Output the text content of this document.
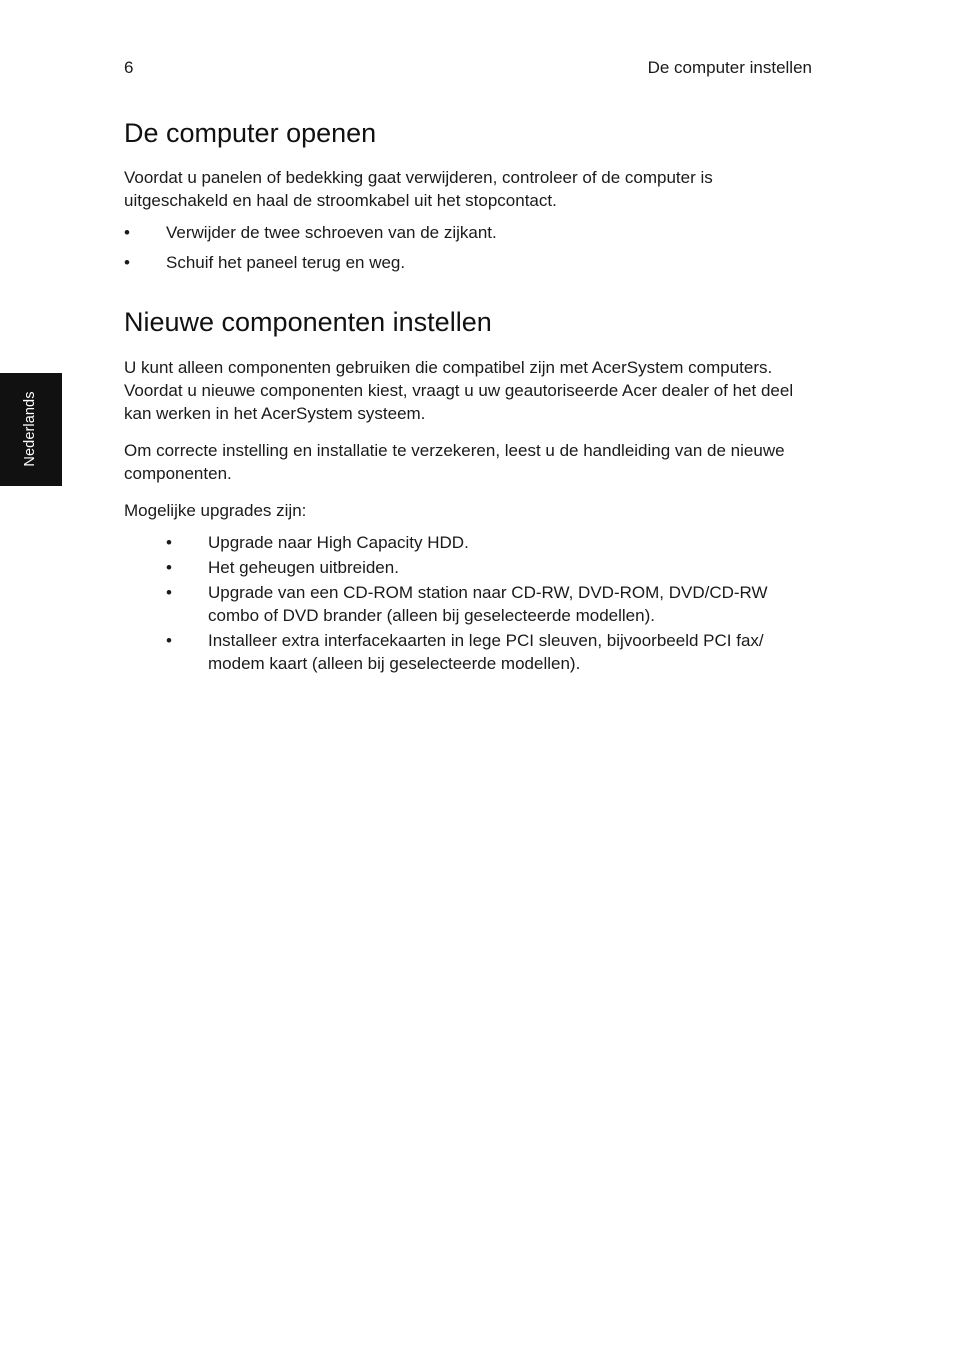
6	De computer instellen
Nederlands
De computer openen

Voordat u panelen of bedekking gaat verwijderen, controleer of de computer is uitgeschakeld en haal de stroomkabel uit het stopcontact.

• Verwijder de twee schroeven van de zijkant.
• Schuif het paneel terug en weg.
Nieuwe componenten instellen

U kunt alleen componenten gebruiken die compatibel zijn met AcerSystem computers. Voordat u nieuwe componenten kiest, vraagt u uw geautoriseerde Acer dealer of het deel kan werken in het AcerSystem systeem.

Om correcte instelling en installatie te verzekeren, leest u de handleiding van de nieuwe componenten.

Mogelijke upgrades zijn:

• Upgrade naar High Capacity HDD.
• Het geheugen uitbreiden.
• Upgrade van een CD-ROM station naar CD-RW, DVD-ROM, DVD/CD-RW combo of DVD brander (alleen bij geselecteerde modellen).
• Installeer extra interfacekaarten in lege PCI sleuven, bijvoorbeeld PCI fax/ modem kaart (alleen bij geselecteerde modellen).
